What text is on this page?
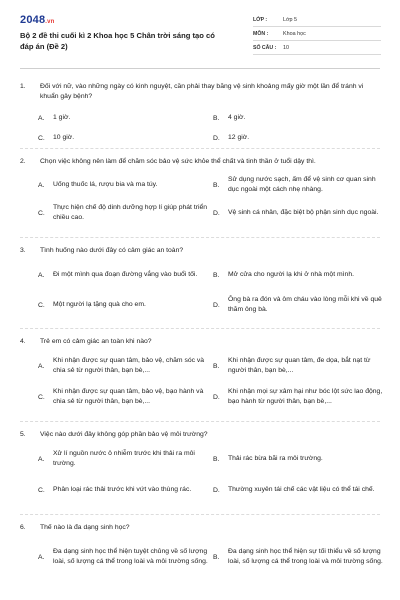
2048.vn
Bộ 2 đề thi cuối kì 2 Khoa học 5 Chân trời sáng tạo có đáp án (Đề 2)
LỚP :	Lớp 5
MÔN :	Khoa học
SỐ CÂU :	10
1.	Đối với nữ, vào những ngày có kinh nguyệt, cần phải thay băng vệ sinh khoảng mấy giờ một lần để tránh vi khuẩn gây bệnh?
A.	1 giờ.	B.	4 giờ.
C.	10 giờ.	D.	12 giờ.
2.	Chọn việc không nên làm để chăm sóc bảo vệ sức khỏe thể chất và tinh thần ở tuổi dậy thì.
A.	Uống thuốc lá, rượu bia và ma túy.	B.
Sử dụng nước sạch, ấm để vệ sinh cơ quan sinh dục ngoài một cách nhẹ nhàng.
C.
Thực hiện chế độ dinh dưỡng hợp lí giúp phát triển chiều cao.
D.	Vệ sinh cá nhân, đặc biệt bộ phận sinh dục ngoài.
3.	Tình huống nào dưới đây có cảm giác an toàn?
A.	Đi một mình qua đoạn đường vắng vào buổi tối. B.	Mở cửa cho người lạ khi ở nhà một mình.
C.	Một người lạ tặng quà cho em.	D.
Ông bà ra đón và ôm cháu vào lòng mỗi khi về quê thăm ông bà.
4.	Trẻ em có cảm giác an toàn khi nào?
A.
Khi nhận được sự quan tâm, bảo vệ, chăm sóc và chia sẻ từ người thân, bạn bè,...
B.
Khi nhận được sự quan tâm, đe dọa, bắt nạt từ người thân, bạn bè,...
C.
Khi nhận được sự quan tâm, bảo vệ, bạo hành và chia sẻ từ người thân, bạn bè,...
D.
Khi nhận mọi sự xâm hại như bóc lột sức lao động, bạo hành từ người thân, bạn bè,...
5.	Việc nào dưới đây không góp phần bảo vệ môi trường?
A.
Xử lí nguồn nước ô nhiễm trước khi thải ra môi trường.
B.	Thải rác bừa bãi ra môi trường.
C.	Phân loại rác thải trước khi vứt vào thùng rác.	D.	Thường xuyên tái chế các vật liệu có thể tái chế.
6.	Thế nào là đa dạng sinh học?
A.
Đa dạng sinh học thể hiện tuyệt chủng về số lượng loài, số lượng cá thể trong loài và môi trường sống.
B.
Đa dạng sinh học thể hiện sự tối thiểu về số lượng loài, số lượng cá thể trong loài và môi trường sống.
